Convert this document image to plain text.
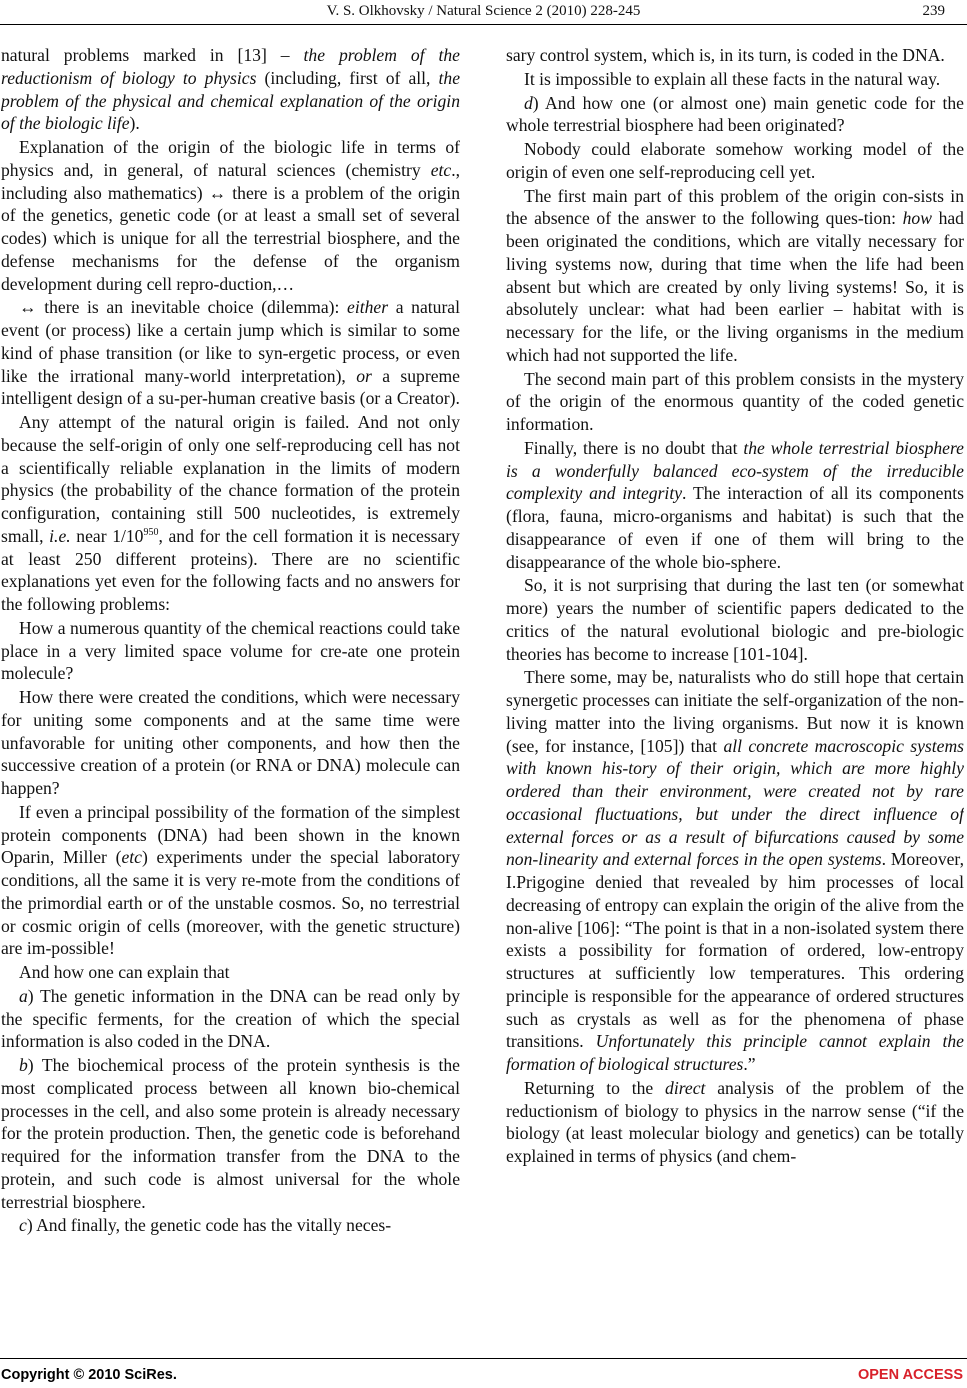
V. S. Olkhovsky / Natural Science 2 (2010) 228-245	239

natural problems marked in [13] – the problem of the reductionism of biology to physics (including, first of all, the problem of the physical and chemical explanation of the origin of the biologic life).

Explanation of the origin of the biologic life in terms of physics and, in general, of natural sciences (chemistry etc., including also mathematics) ↔ there is a problem of the origin of the genetics, genetic code (or at least a small set of several codes) which is unique for all the terrestrial biosphere, and the defense mechanisms for the defense of the organism development during cell repro-duction,…

↔ there is an inevitable choice (dilemma): either a natural event (or process) like a certain jump which is similar to some kind of phase transition (or like to syn-ergetic process, or even like the irrational many-world interpretation), or a supreme intelligent design of a su-per-human creative basis (or a Creator).

Any attempt of the natural origin is failed. And not only because the self-origin of only one self-reproducing cell has not a scientifically reliable explanation in the limits of modern physics (the probability of the chance formation of the protein configuration, containing still 500 nucleotides, is extremely small, i.e. near $1/10^{950}$, and for the cell formation it is necessary at least 250 different proteins). There are no scientific explanations yet even for the following facts and no answers for the following problems:

How a numerous quantity of the chemical reactions could take place in a very limited space volume for cre-ate one protein molecule?

How there were created the conditions, which were necessary for uniting some components and at the same time were unfavorable for uniting other components, and how then the successive creation of a protein (or RNA or DNA) molecule can happen?

If even a principal possibility of the formation of the simplest protein components (DNA) had been shown in the known Oparin, Miller (etc) experiments under the special laboratory conditions, all the same it is very re-mote from the conditions of the primordial earth or of the unstable cosmos. So, no terrestrial or cosmic origin of cells (moreover, with the genetic structure) are im-possible!

And how one can explain that

a) The genetic information in the DNA can be read only by the specific ferments, for the creation of which the special information is also coded in the DNA.

b) The biochemical process of the protein synthesis is the most complicated process between all known bio-chemical processes in the cell, and also some protein is already necessary for the protein production. Then, the genetic code is beforehand required for the information transfer from the DNA to the protein, and such code is almost universal for the whole terrestrial biosphere.

c) And finally, the genetic code has the vitally neces-

sary control system, which is, in its turn, is coded in the DNA.

It is impossible to explain all these facts in the natural way.

d) And how one (or almost one) main genetic code for the whole terrestrial biosphere had been originated?

Nobody could elaborate somehow working model of the origin of even one self-reproducing cell yet.

The first main part of this problem of the origin con-sists in the absence of the answer to the following ques-tion: how had been originated the conditions, which are vitally necessary for living systems now, during that time when the life had been absent but which are created by only living systems! So, it is absolutely unclear: what had been earlier – habitat with is necessary for the life, or the living organisms in the medium which had not supported the life.

The second main part of this problem consists in the mystery of the origin of the enormous quantity of the coded genetic information.

Finally, there is no doubt that the whole terrestrial biosphere is a wonderfully balanced eco-system of the irreducible complexity and integrity. The interaction of all its components (flora, fauna, micro-organisms and habitat) is such that the disappearance of even if one of them will bring to the disappearance of the whole bio-sphere.

So, it is not surprising that during the last ten (or somewhat more) years the number of scientific papers dedicated to the critics of the natural evolutional biologic and pre-biologic theories has become to increase [101-104].

There some, may be, naturalists who do still hope that certain synergetic processes can initiate the self-organization of the non-living matter into the living organisms. But now it is known (see, for instance, [105]) that all concrete macroscopic systems with known his-tory of their origin, which are more highly ordered than their environment, were created not by rare occasional fluctuations, but under the direct influence of external forces or as a result of bifurcations caused by some non-linearity and external forces in the open systems. Moreover, I.Prigogine denied that revealed by him processes of local decreasing of entropy can explain the origin of the alive from the non-alive [106]: “The point is that in a non-isolated system there exists a possibility for formation of ordered, low-entropy structures at sufficiently low temperatures. This ordering principle is responsible for the appearance of ordered structures such as crystals as well as for the phenomena of phase transitions. Unfortunately this principle cannot explain the formation of biological structures.”

Returning to the direct analysis of the problem of the reductionism of biology to physics in the narrow sense (“if the biology (at least molecular biology and genetics) can be totally explained in terms of physics (and chem-

Copyright © 2010 SciRes.	OPEN ACCESS
